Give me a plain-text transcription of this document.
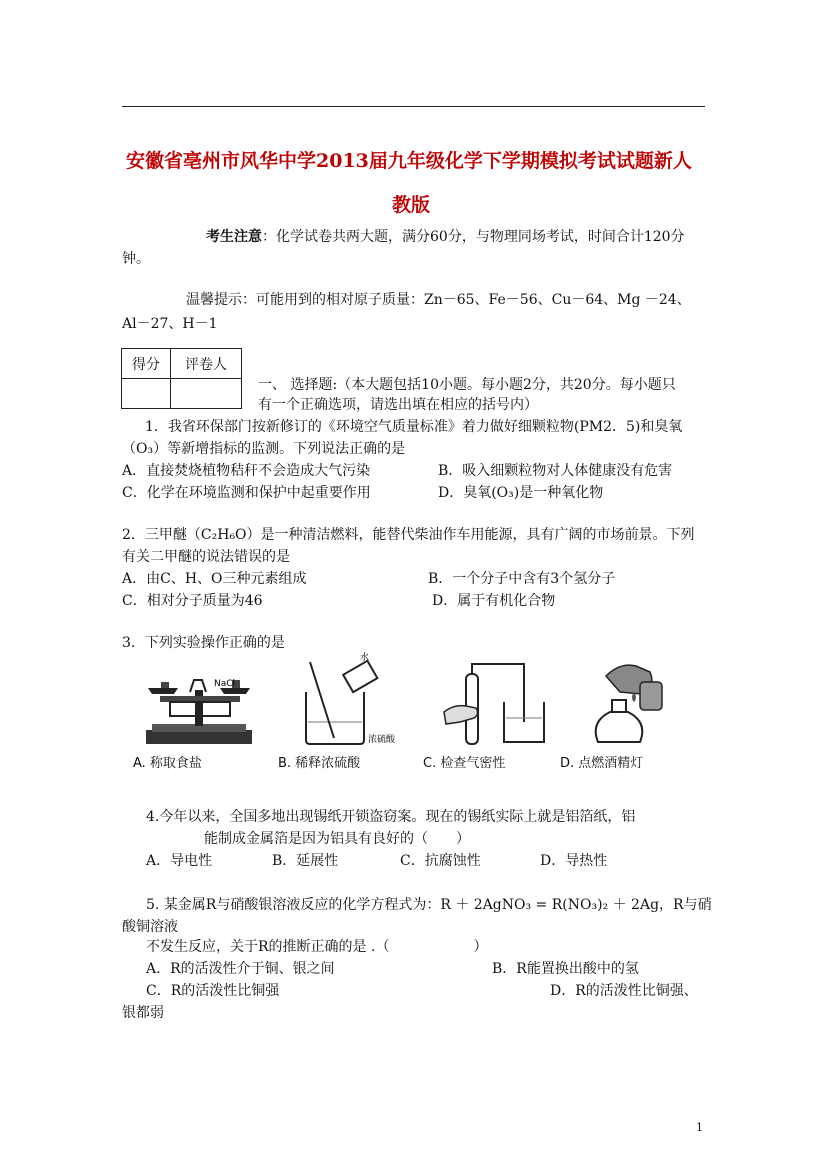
安徽省亳州市风华中学2013届九年级化学下学期模拟考试试题新人
教版
考生注意：化学试卷共两大题，满分60分，与物理同场考试，时间合计120分
钟。
温馨提示：可能用到的相对原子质量：Zn－65、Fe－56、Cu－64、Mg －24、
Al－27、H－1
得分	评卷人

一、 选择题:（本大题包括10小题。每小题2分，共20分。每小题只
有一个正确选项，请选出填在相应的括号内）
1．我省环保部门按新修订的《环境空气质量标准》着力做好细颗粒物(PM2．5)和臭氧
（O₃）等新增指标的监测。下列说法正确的是
A．直接焚烧植物秸秆不会造成大气污染	B．吸入细颗粒物对人体健康没有危害
C．化学在环境监测和保护中起重要作用	D．臭氧(O₃)是一种氧化物
2．三甲醚（C₂H₆O）是一种清洁燃料，能替代柴油作车用能源，具有广阔的市场前景。下列
有关二甲醚的说法错误的是
A．由C、H、O三种元素组成	B．一个分子中含有3个氢分子
C．相对分子质量为46	D．属于有机化合物
3．下列实验操作正确的是
NaCl
A. 称取食盐
水
浓硫酸
B. 稀释浓硫酸	C. 检查气密性	D. 点燃酒精灯
4.今年以来，全国多地出现锡纸开锁盗窃案。现在的锡纸实际上就是铝箔纸，铝
能制成金属箔是因为铝具有良好的（　　）
A．导电性	B．延展性	C．抗腐蚀性	D．导热性
5. 某金属R与硝酸银溶液反应的化学方程式为：R ＋ 2AgNO₃ = R(NO₃)₂ ＋ 2Ag，R与硝
酸铜溶液
不发生反应，关于R的推断正确的是 .（　　　　　　）
A．R的活泼性介于铜、银之间	B．R能置换出酸中的氢
C．R的活泼性比铜强	D．R的活泼性比铜强、
银都弱
1
